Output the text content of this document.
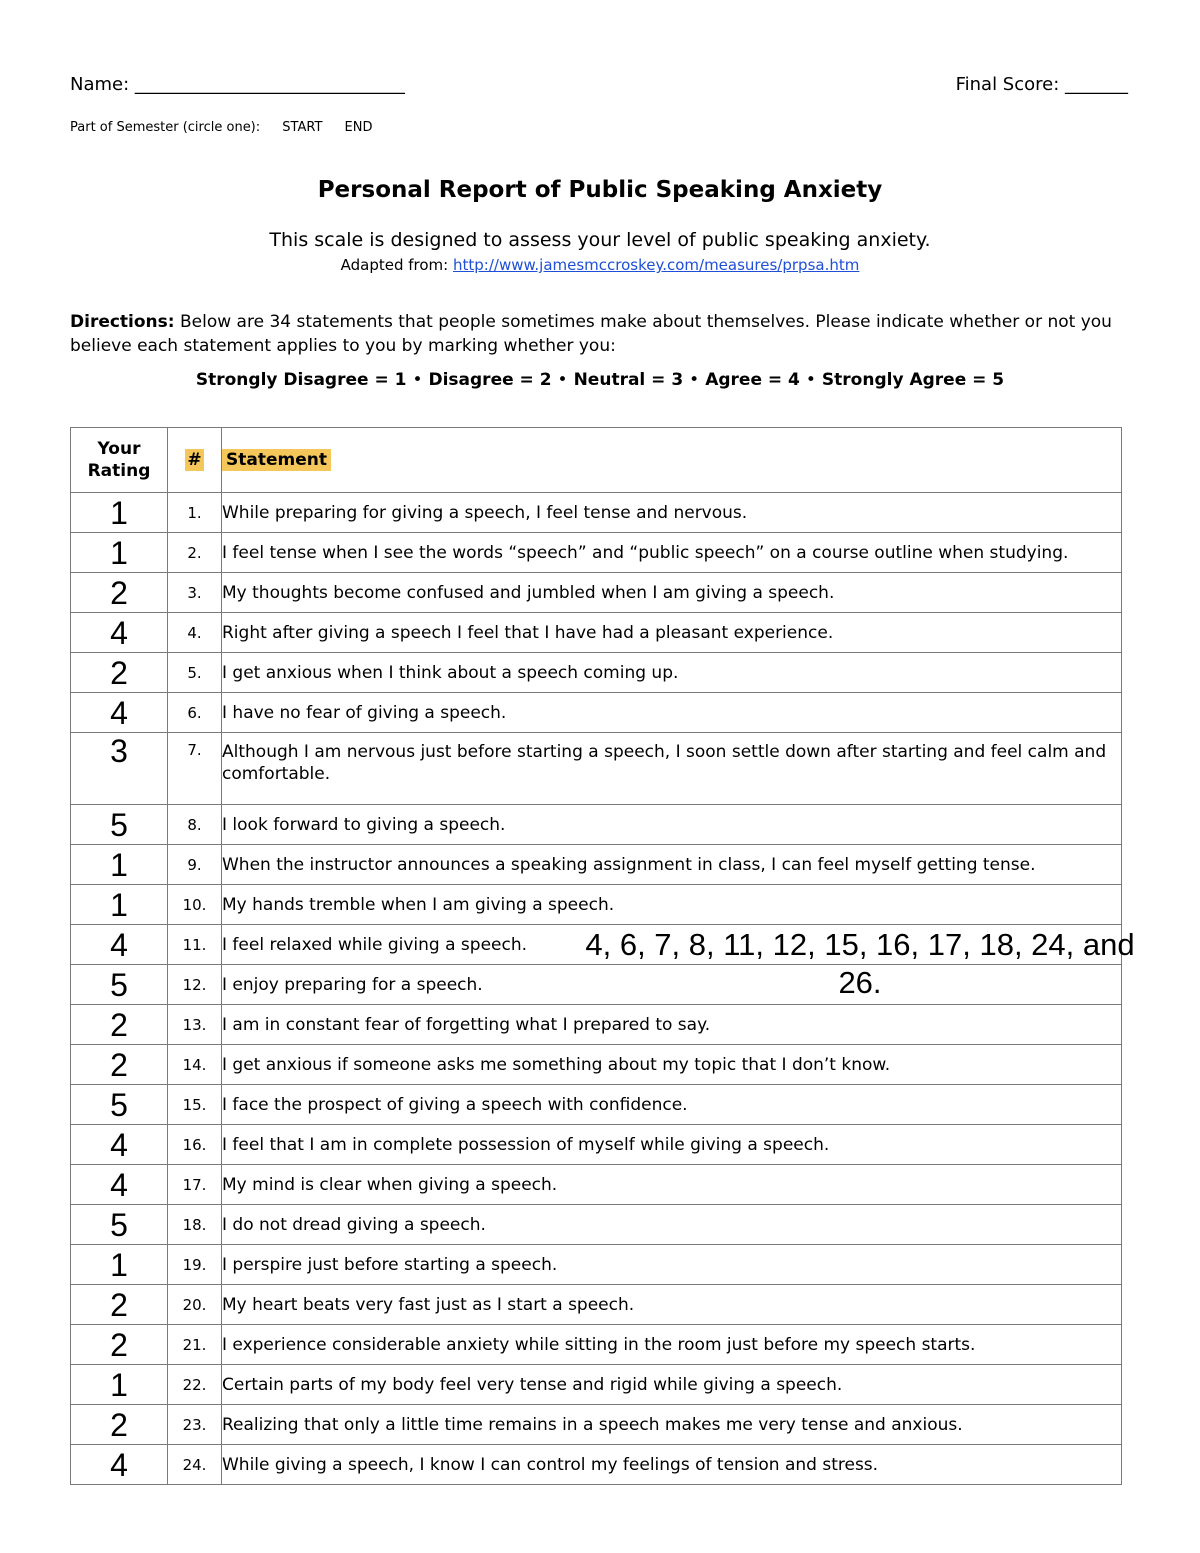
Name: ______________________________	Final Score: _______
Part of Semester (circle one): START END
Personal Report of Public Speaking Anxiety
This scale is designed to assess your level of public speaking anxiety.
Adapted from: http://www.jamesmccroskey.com/measures/prpsa.htm
Directions: Below are 34 statements that people sometimes make about themselves. Please indicate whether or not you believe each statement applies to you by marking whether you:
Strongly Disagree = 1 • Disagree = 2 • Neutral = 3 • Agree = 4 • Strongly Agree = 5
Your Rating	#	Statement
1	1.	While preparing for giving a speech, I feel tense and nervous.
1	2.	I feel tense when I see the words “speech” and “public speech” on a course outline when studying.
2	3.	My thoughts become confused and jumbled when I am giving a speech.
4	4.	Right after giving a speech I feel that I have had a pleasant experience.
2	5.	I get anxious when I think about a speech coming up.
4	6.	I have no fear of giving a speech.
3	7.	Although I am nervous just before starting a speech, I soon settle down after starting and feel calm and comfortable.
5	8.	I look forward to giving a speech.
1	9.	When the instructor announces a speaking assignment in class, I can feel myself getting tense.
1	10.	My hands tremble when I am giving a speech.
4	11.	I feel relaxed while giving a speech.
5	12.	I enjoy preparing for a speech.
2	13.	I am in constant fear of forgetting what I prepared to say.
2	14.	I get anxious if someone asks me something about my topic that I don’t know.
5	15.	I face the prospect of giving a speech with confidence.
4	16.	I feel that I am in complete possession of myself while giving a speech.
4	17.	My mind is clear when giving a speech.
5	18.	I do not dread giving a speech.
1	19.	I perspire just before starting a speech.
2	20.	My heart beats very fast just as I start a speech.
2	21.	I experience considerable anxiety while sitting in the room just before my speech starts.
1	22.	Certain parts of my body feel very tense and rigid while giving a speech.
2	23.	Realizing that only a little time remains in a speech makes me very tense and anxious.
4	24.	While giving a speech, I know I can control my feelings of tension and stress.
4, 6, 7, 8, 11, 12, 15, 16, 17, 18, 24, and 26.
